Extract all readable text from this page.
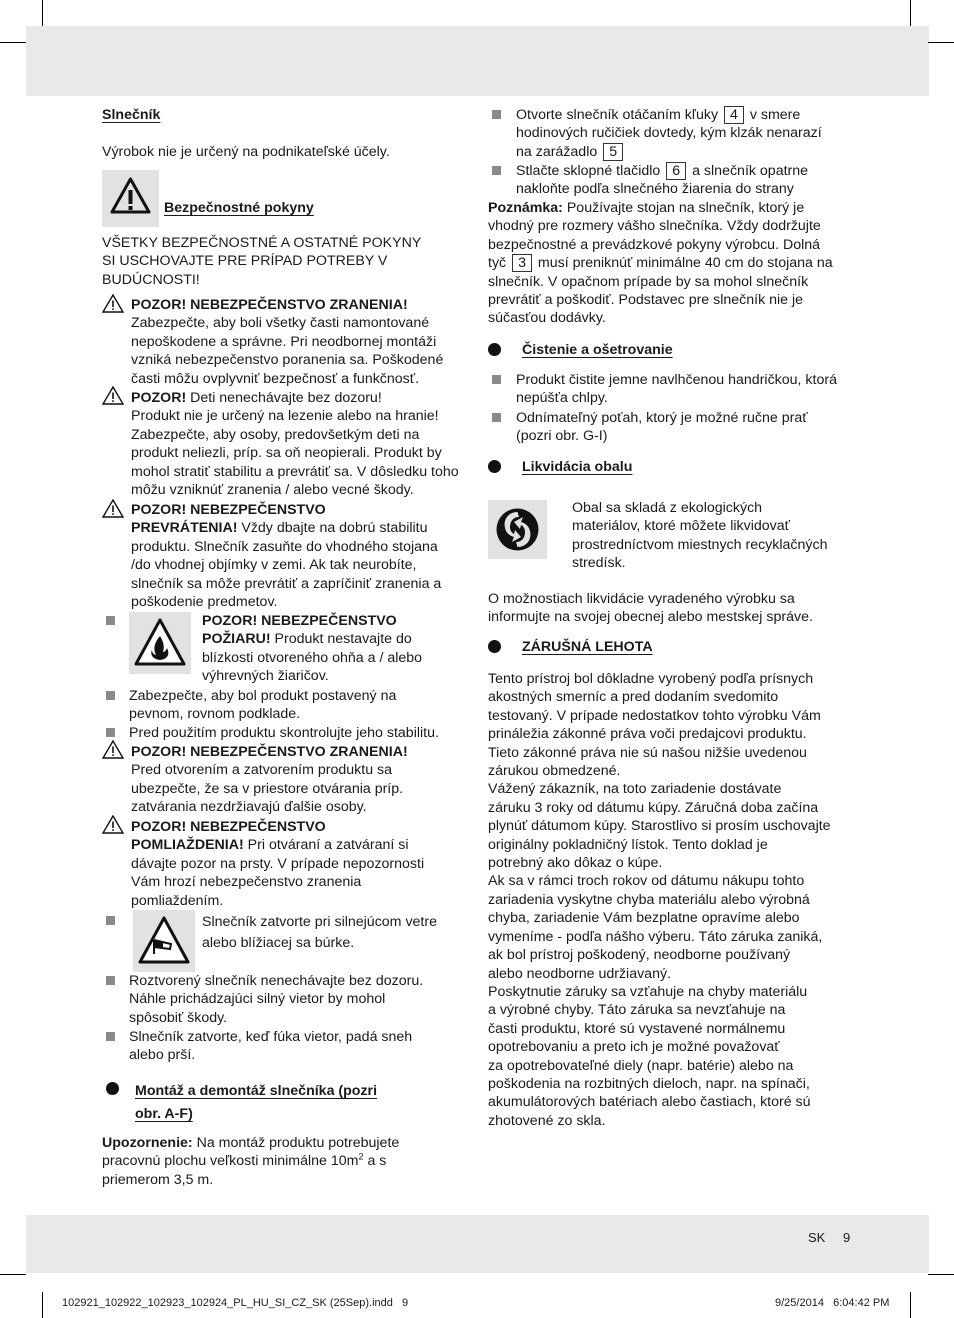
Slnečník
Výrobok nie je určený na podnikateľské účely.
Bezpečnostné pokyny
VŠETKY BEZPEČNOSTNÉ A OSTATNÉ POKYNY
SI USCHOVAJTE PRE PRÍPAD POTREBY V
BUDÚCNOSTI!
POZOR! NEBEZPEČENSTVO ZRANENIA!
Zabezpečte, aby boli všetky časti namontované
nepoškodene a správne. Pri neodbornej montáži
vzniká nebezpečenstvo poranenia sa. Poškodené
časti môžu ovplyvniť bezpečnosť a funkčnosť.
POZOR! Deti nenechávajte bez dozoru!
Produkt nie je určený na lezenie alebo na hranie!
Zabezpečte, aby osoby, predovšetkým deti na
produkt neliezli, príp. sa oň neopierali. Produkt by
mohol stratiť stabilitu a prevrátiť sa. V dôsledku toho
môžu vzniknúť zranenia / alebo vecné škody.
POZOR! NEBEZPEČENSTVO
PREVRÁTENIA! Vždy dbajte na dobrú stabilitu
produktu. Slnečník zasuňte do vhodného stojana
/do vhodnej objímky v zemi. Ak tak neurobíte,
slnečník sa môže prevrátiť a zapríčiniť zranenia a
poškodenie predmetov.
POZOR! NEBEZPEČENSTVO
POŽIARU! Produkt nestavajte do
blízkosti otvoreného ohňa a / alebo
výhrevných žiaričov.
Zabezpečte, aby bol produkt postavený na
pevnom, rovnom podklade.
Pred použitím produktu skontrolujte jeho stabilitu.
POZOR! NEBEZPEČENSTVO ZRANENIA!
Pred otvorením a zatvorením produktu sa
ubezpečte, že sa v priestore otvárania príp.
zatvárania nezdržiavajú ďalšie osoby.
POZOR! NEBEZPEČENSTVO
POMLIAŽDENIA! Pri otváraní a zatváraní si
dávajte pozor na prsty. V prípade nepozornosti
Vám hrozí nebezpečenstvo zranenia
pomliaždením.
Slnečník zatvorte pri silnejúcom vetre
alebo blížiacej sa búrke.
Roztvorený slnečník nenechávajte bez dozoru.
Náhle prichádzajúci silný vietor by mohol
spôsobiť škody.
Slnečník zatvorte, keď fúka vietor, padá sneh
alebo prší.
Montáž a demontáž slnečníka (pozri
obr. A-F)
Upozornenie: Na montáž produktu potrebujete
pracovnú plochu veľkosti minimálne $10m^2$ a s
priemerom 3,5 m.
Otvorte slnečník otáčaním kľuky 4 v smere
hodinových ručičiek dovtedy, kým klzák nenarazí
na zarážadlo 5
Stlačte sklopné tlačidlo 6 a slnečník opatrne
nakloňte podľa slnečného žiarenia do strany
Poznámka: Používajte stojan na slnečník, ktorý je
vhodný pre rozmery vášho slnečníka. Vždy dodržujte
bezpečnostné a prevádzkové pokyny výrobcu. Dolná
tyč 3 musí preniknúť minimálne 40 cm do stojana na
slnečník. V opačnom prípade by sa mohol slnečník
prevrátiť a poškodiť. Podstavec pre slnečník nie je
súčasťou dodávky.
Čistenie a ošetrovanie
Produkt čistite jemne navlhčenou handričkou, ktorá
nepúšťa chlpy.
Odnímateľný poťah, ktorý je možné ručne prať
(pozri obr. G-I)
Likvidácia obalu
Obal sa skladá z ekologických
materiálov, ktoré môžete likvidovať
prostredníctvom miestnych recyklačných
stredísk.
O možnostiach likvidácie vyradeného výrobku sa
informujte na svojej obecnej alebo mestskej správe.
ZÁRUŠNÁ LEHOTA
Tento prístroj bol dôkladne vyrobený podľa prísnych
akostných smerníc a pred dodaním svedomito
testovaný. V prípade nedostatkov tohto výrobku Vám
prináležia zákonné práva voči predajcovi produktu.
Tieto zákonné práva nie sú našou nižšie uvedenou
zárukou obmedzené.
Vážený zákazník, na toto zariadenie dostávate
záruku 3 roky od dátumu kúpy. Záručná doba začína
plynúť dátumom kúpy. Starostlivo si prosím uschovajte
originálny pokladničný lístok. Tento doklad je
potrebný ako dôkaz o kúpe.
Ak sa v rámci troch rokov od dátumu nákupu tohto
zariadenia vyskytne chyba materiálu alebo výrobná
chyba, zariadenie Vám bezplatne opravíme alebo
vymeníme - podľa nášho výberu. Táto záruka zaniká,
ak bol prístroj poškodený, neodborne používaný
alebo neodborne udržiavaný.
Poskytnutie záruky sa vzťahuje na chyby materiálu
a výrobné chyby. Táto záruka sa nevzťahuje na
časti produktu, ktoré sú vystavené normálnemu
opotrebovaniu a preto ich je možné považovať
za opotrebovateľné diely (napr. batérie) alebo na
poškodenia na rozbitných dieloch, napr. na spínači,
akumulátorových batériach alebo častiach, ktoré sú
zhotovené zo skla.
SK 9
102921_102922_102923_102924_PL_HU_SI_CZ_SK (25Sep).indd   9	9/25/2014   6:04:42 PM
